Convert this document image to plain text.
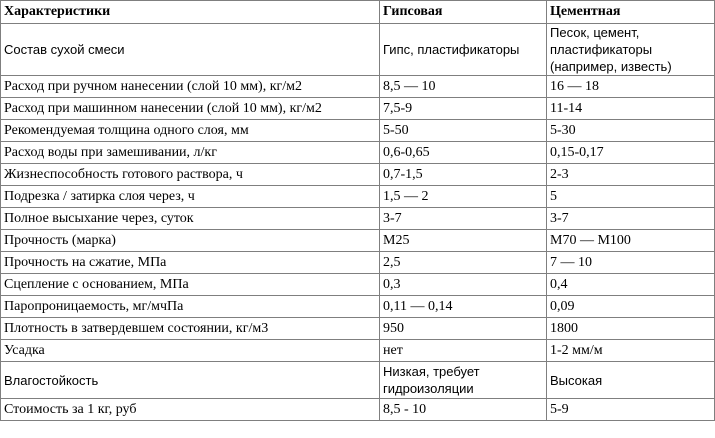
Характеристики	Гипсовая	Цементная
Состав сухой смеси	Гипс, пластификаторы	Песок, цемент, пластификаторы (например, известь)
Расход при ручном нанесении (слой 10 мм), кг/м2	8,5 — 10	16 — 18
Расход при машинном нанесении (слой 10 мм), кг/м2	7,5-9	11-14
Рекомендуемая толщина одного слоя, мм	5-50	5-30
Расход воды при замешивании, л/кг	0,6-0,65	0,15-0,17
Жизнеспособность готового раствора, ч	0,7-1,5	2-3
Подрезка / затирка слоя через, ч	1,5 — 2	5
Полное высыхание через, суток	3-7	3-7
Прочность (марка)	М25	М70 — М100
Прочность на сжатие, МПа	2,5	7 — 10
Сцепление с основанием, МПа	0,3	0,4
Паропроницаемость, мг/мчПа	0,11 — 0,14	0,09
Плотность в затвердевшем состоянии, кг/м3	950	1800
Усадка	нет	1-2 мм/м
Влагостойкость	Низкая, требует гидроизоляции	Высокая
Стоимость за 1 кг, руб	8,5 - 10	5-9
